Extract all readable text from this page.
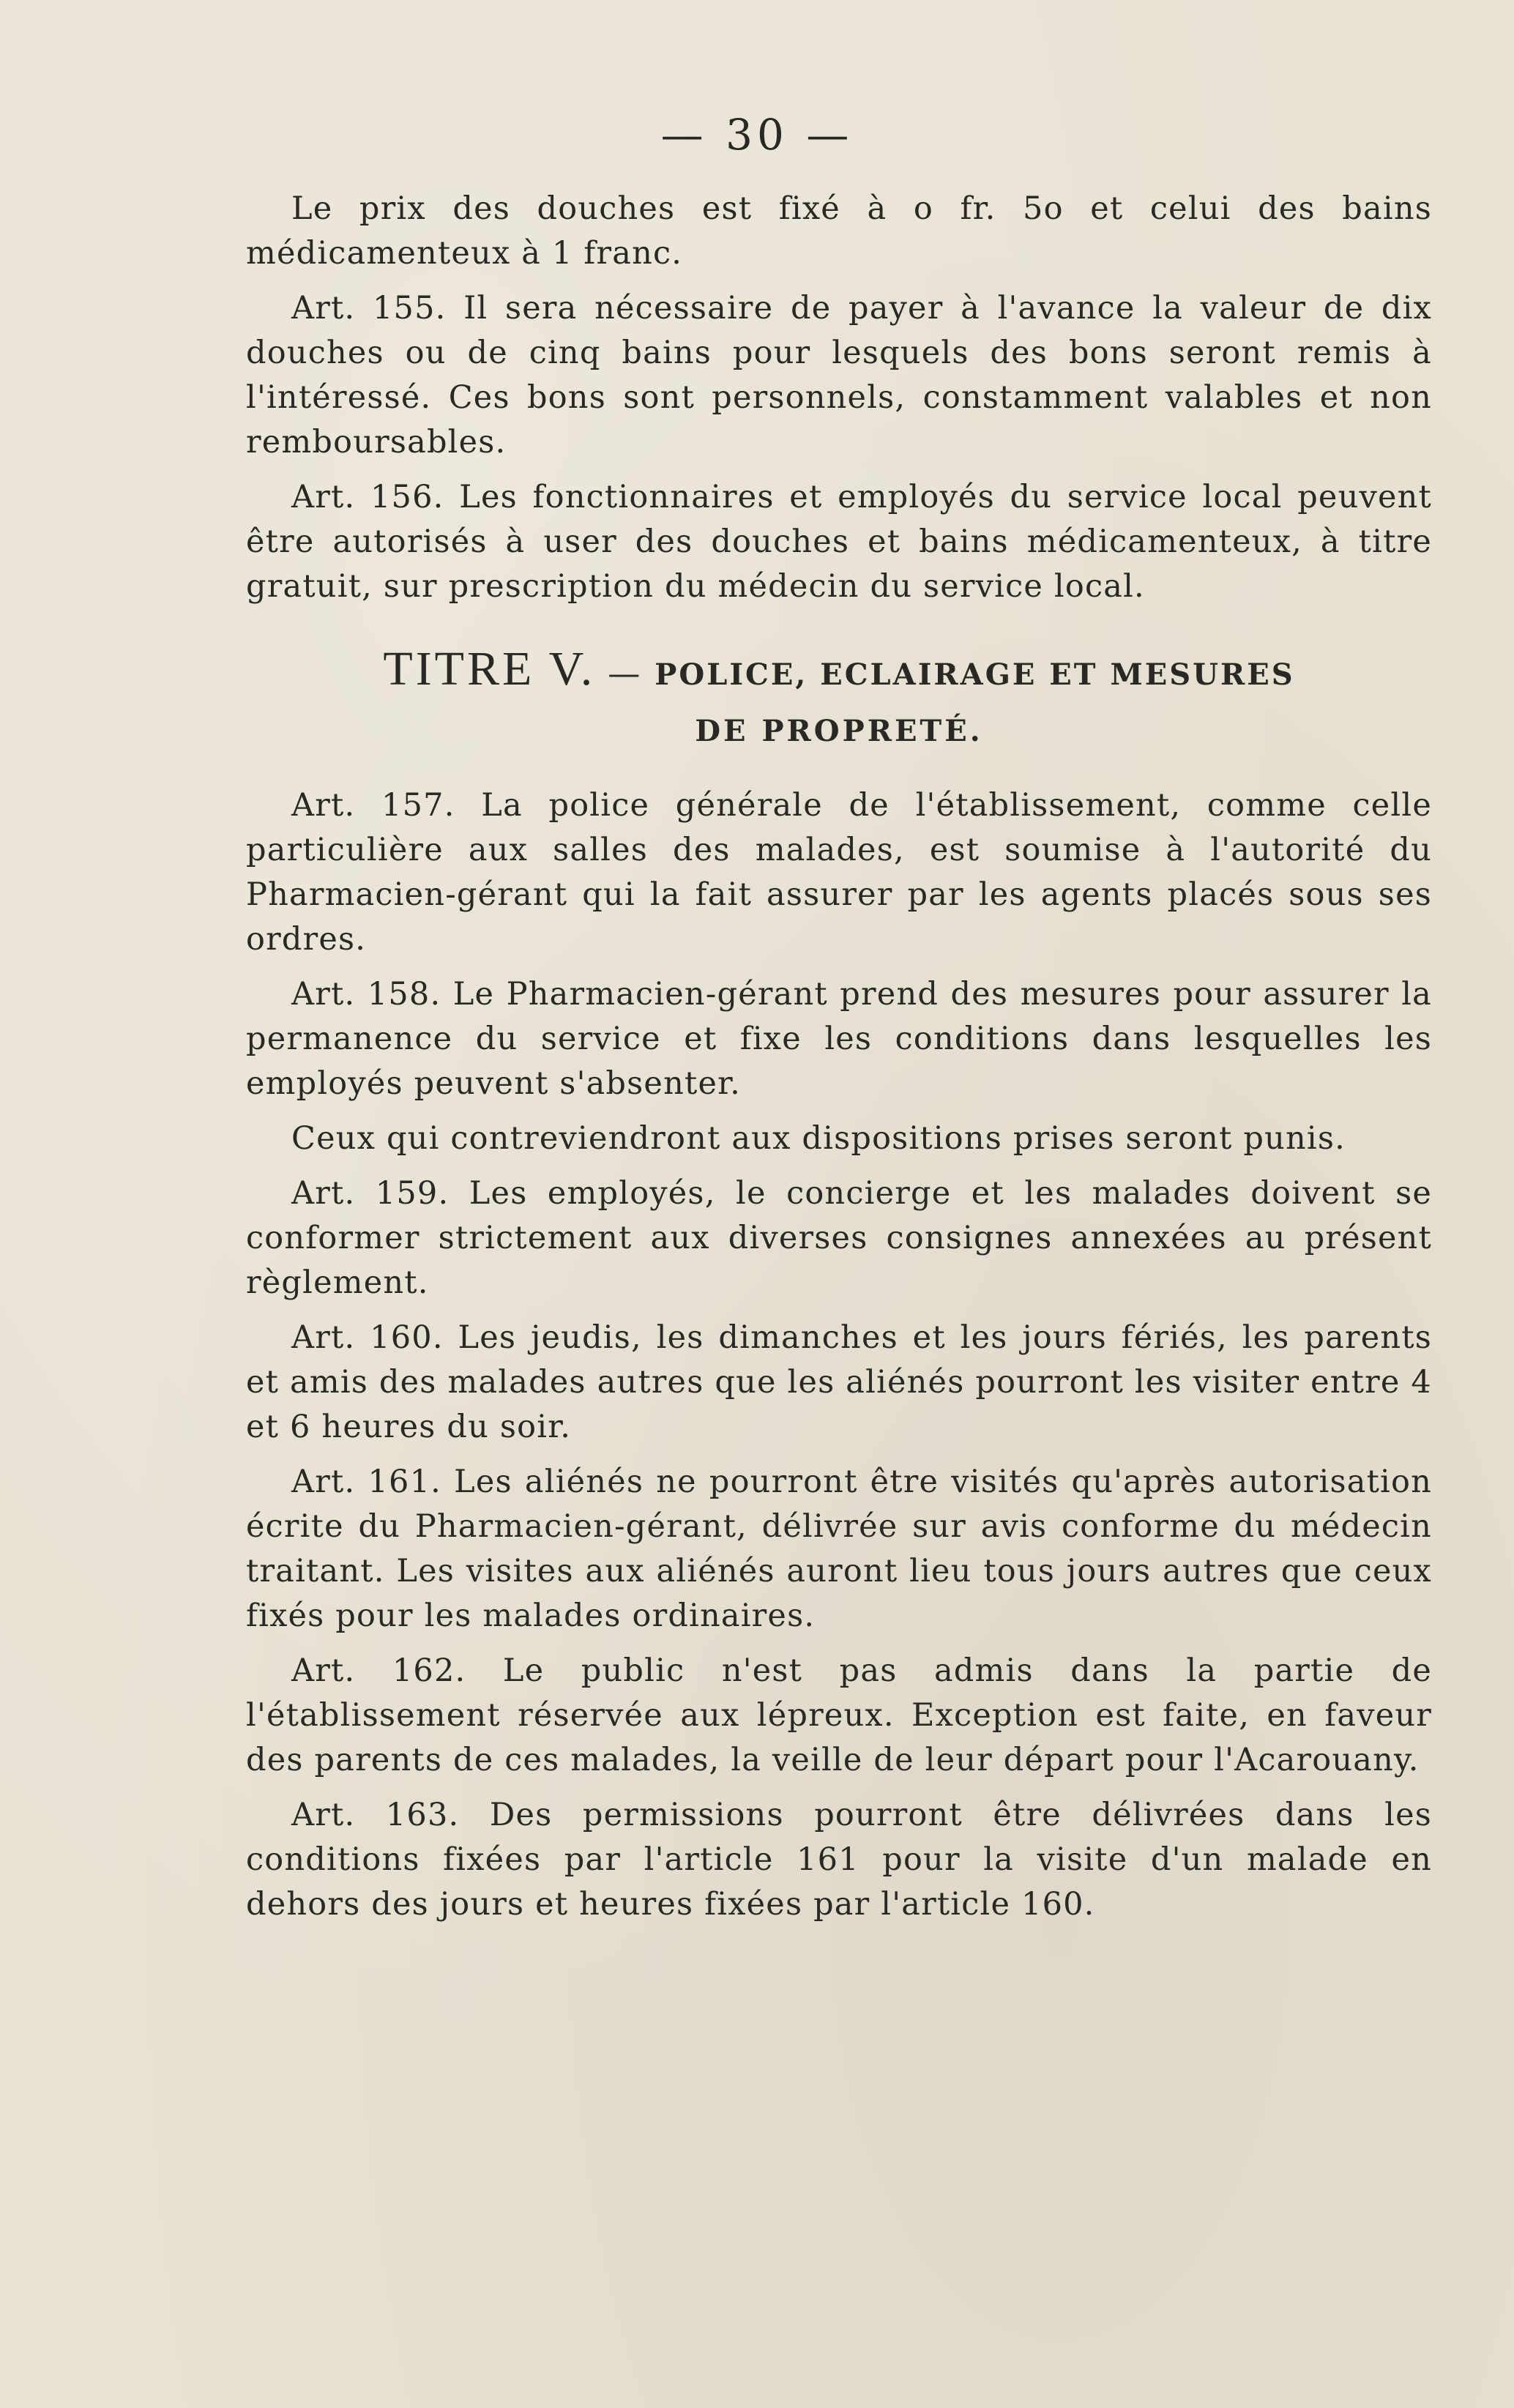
— 30 —

Le prix des douches est fixé à o fr. 5o et celui des bains médicamenteux à 1 franc.

Art. 155. Il sera nécessaire de payer à l'avance la valeur de dix douches ou de cinq bains pour lesquels des bons seront remis à l'intéressé. Ces bons sont personnels, constamment valables et non remboursables.

Art. 156. Les fonctionnaires et employés du service local peuvent être autorisés à user des douches et bains médicamenteux, à titre gratuit, sur prescription du médecin du service local.

TITRE V. — POLICE, ECLAIRAGE ET MESURES
DE PROPRETÉ.

Art. 157. La police générale de l'établissement, comme celle particulière aux salles des malades, est soumise à l'autorité du Pharmacien-gérant qui la fait assurer par les agents placés sous ses ordres.

Art. 158. Le Pharmacien-gérant prend des mesures pour assurer la permanence du service et fixe les conditions dans lesquelles les employés peuvent s'absenter.

Ceux qui contreviendront aux dispositions prises seront punis.

Art. 159. Les employés, le concierge et les malades doivent se conformer strictement aux diverses consignes annexées au présent règlement.

Art. 160. Les jeudis, les dimanches et les jours fériés, les parents et amis des malades autres que les aliénés pourront les visiter entre 4 et 6 heures du soir.

Art. 161. Les aliénés ne pourront être visités qu'après autorisation écrite du Pharmacien-gérant, délivrée sur avis conforme du médecin traitant. Les visites aux aliénés auront lieu tous jours autres que ceux fixés pour les malades ordinaires.

Art. 162. Le public n'est pas admis dans la partie de l'établissement réservée aux lépreux. Exception est faite, en faveur des parents de ces malades, la veille de leur départ pour l'Acarouany.

Art. 163. Des permissions pourront être délivrées dans les conditions fixées par l'article 161 pour la visite d'un malade en dehors des jours et heures fixées par l'article 160.
